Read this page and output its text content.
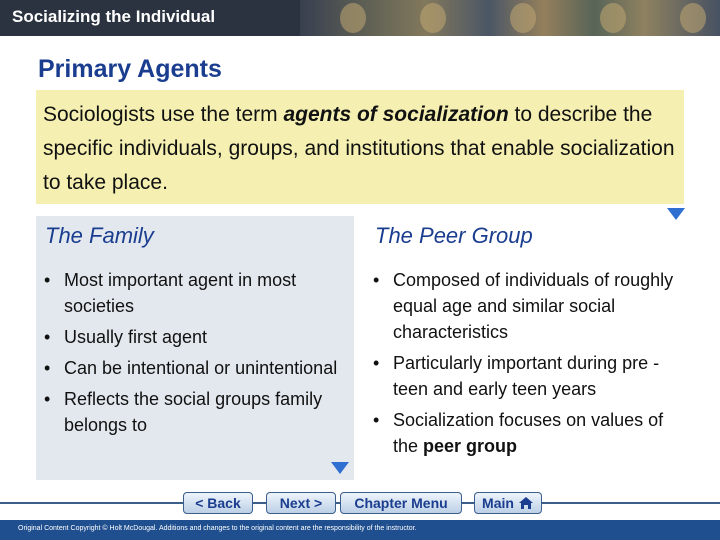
Socializing the Individual
Primary Agents

Sociologists use the term agents of socialization to describe the specific individuals, groups, and institutions that enable socialization to take place.

The Family
• Most important agent in most societies
• Usually first agent
• Can be intentional or unintentional
• Reflects the social groups family belongs to
The Peer Group
• Composed of individuals of roughly equal age and similar social characteristics
• Particularly important during pre -teen and early teen years
• Socialization focuses on values of the peer group
< Back	Next >	Chapter Menu	Main
Original Content Copyright © Holt McDougal. Additions and changes to the original content are the responsibility of the instructor.
